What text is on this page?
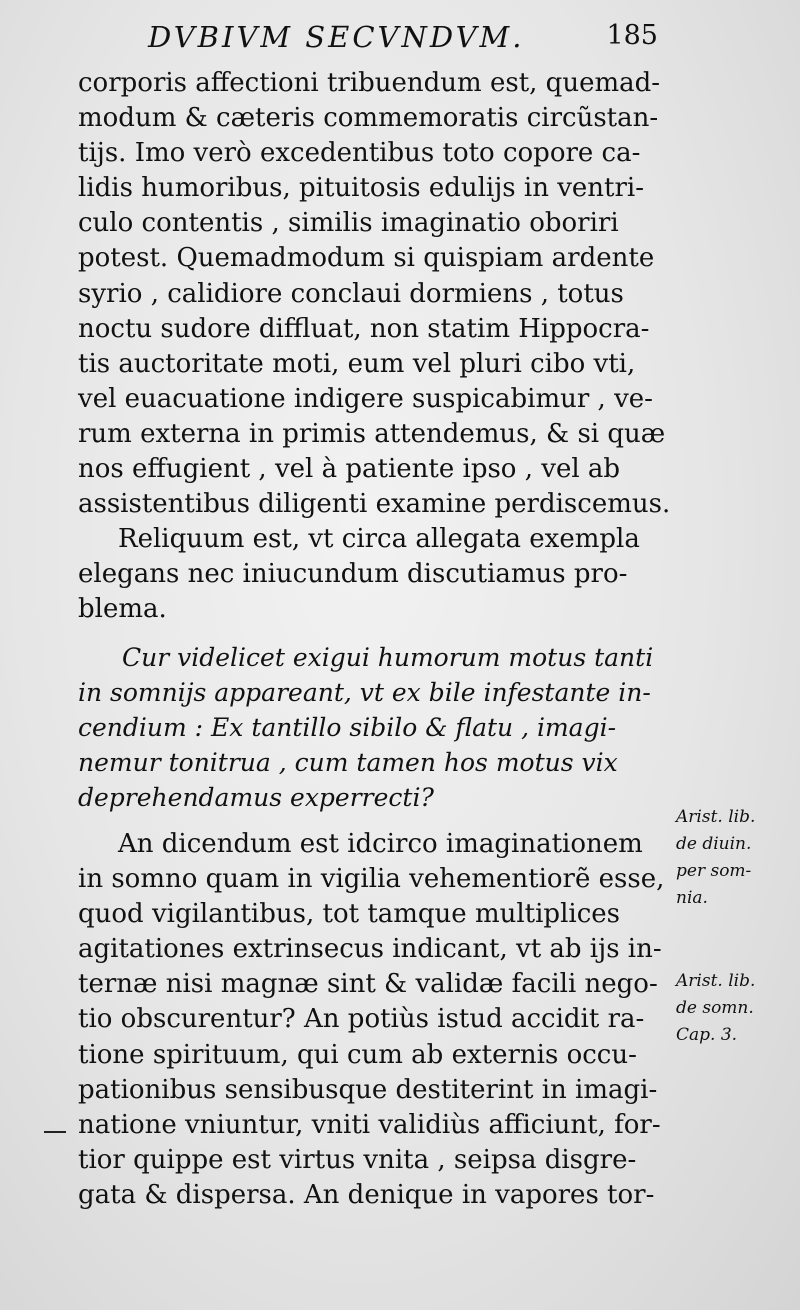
DVBIVM SECVNDVM.	185
corporis affectioni tribuendum est, quemad-
modum & cæteris commemoratis circũstan-
tijs. Imo verò excedentibus toto copore ca-
lidis humoribus, pituitosis edulijs in ventri-
culo contentis , similis imaginatio oboriri
potest. Quemadmodum si quispiam ardente
syrio , calidiore conclaui dormiens , totus
noctu sudore diffluat, non statim Hippocra-
tis auctoritate moti, eum vel pluri cibo vti,
vel euacuatione indigere suspicabimur , ve-
rum externa in primis attendemus, & si quæ
nos effugient , vel à patiente ipso , vel ab
assistentibus diligenti examine perdiscemus.
Reliquum est, vt circa allegata exempla
elegans nec iniucundum discutiamus pro-
blema.
Cur videlicet exigui humorum motus tanti
in somnijs appareant, vt ex bile infestante in-
cendium : Ex tantillo sibilo & flatu , imagi-
nemur tonitrua , cum tamen hos motus vix
deprehendamus experrecti?
An dicendum est idcirco imaginationem
in somno quam in vigilia vehementiorẽ esse,
quod vigilantibus, tot tamque multiplices
agitationes extrinsecus indicant, vt ab ijs in-
ternæ nisi magnæ sint & validæ facili nego-
tio obscurentur? An potiùs istud accidit ra-
tione spirituum, qui cum ab externis occu-
pationibus sensibusque destiterint in imagi-
natione vniuntur, vniti validiùs afficiunt, for-
tior quippe est virtus vnita , seipsa disgre-
gata & dispersa. An denique in vapores tor-
Arist. lib.
de diuin.
per som-
nia.
Arist. lib.
de somn.
Cap. 3.
